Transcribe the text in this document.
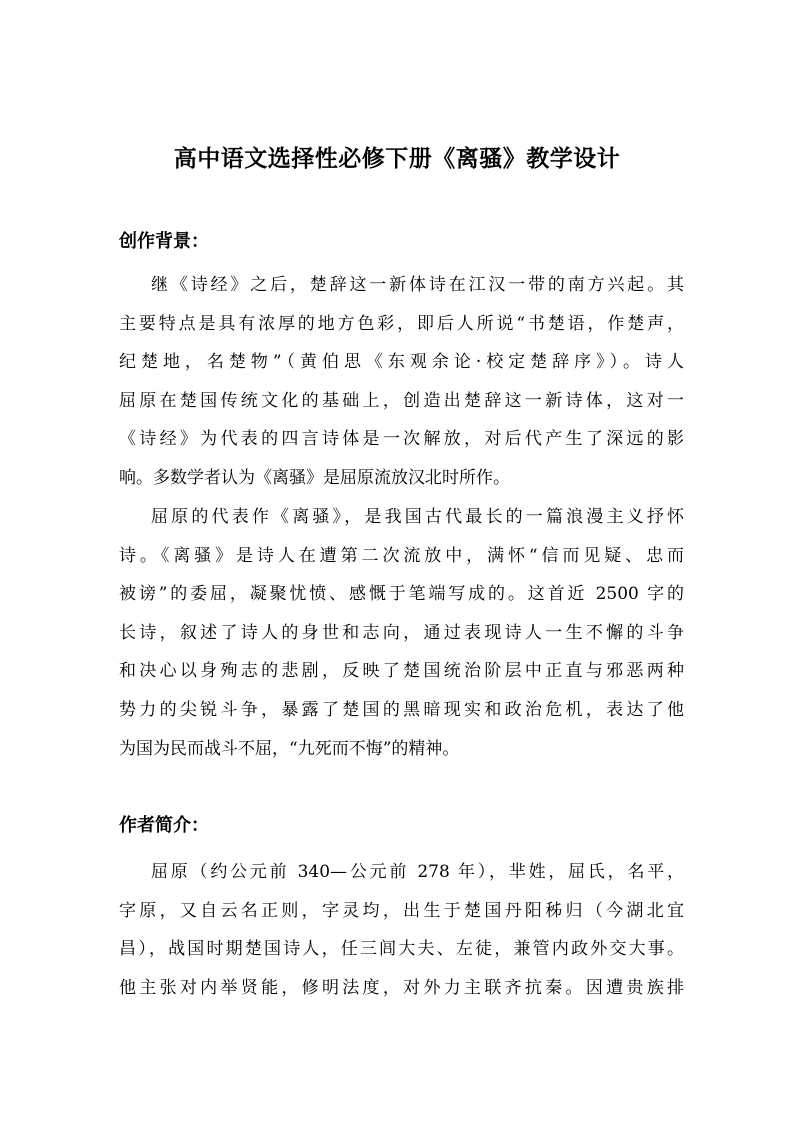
高中语文选择性必修下册《离骚》教学设计
创作背景：
继《诗经》之后，楚辞这一新体诗在江汉一带的南方兴起。其
主要特点是具有浓厚的地方色彩，即后人所说“书楚语，作楚声，
纪楚地，名楚物”（黄伯思《东观余论·校定楚辞序》）。诗人
屈原在楚国传统文化的基础上，创造出楚辞这一新诗体，这对一
《诗经》为代表的四言诗体是一次解放，对后代产生了深远的影
响。多数学者认为《离骚》是屈原流放汉北时所作。
屈原的代表作《离骚》，是我国古代最长的一篇浪漫主义抒怀
诗。《离骚》是诗人在遭第二次流放中，满怀“信而见疑、忠而
被谤”的委屈，凝聚忧愤、感慨于笔端写成的。这首近 2500 字的
长诗，叙述了诗人的身世和志向，通过表现诗人一生不懈的斗争
和决心以身殉志的悲剧，反映了楚国统治阶层中正直与邪恶两种
势力的尖锐斗争，暴露了楚国的黑暗现实和政治危机，表达了他
为国为民而战斗不屈，“九死而不悔”的精神。
作者简介：
屈原（约公元前 340—公元前 278 年），芈姓，屈氏，名平，
字原，又自云名正则，字灵均，出生于楚国丹阳秭归（今湖北宜
昌），战国时期楚国诗人，任三闾大夫、左徒，兼管内政外交大事。
他主张对内举贤能，修明法度，对外力主联齐抗秦。因遭贵族排
